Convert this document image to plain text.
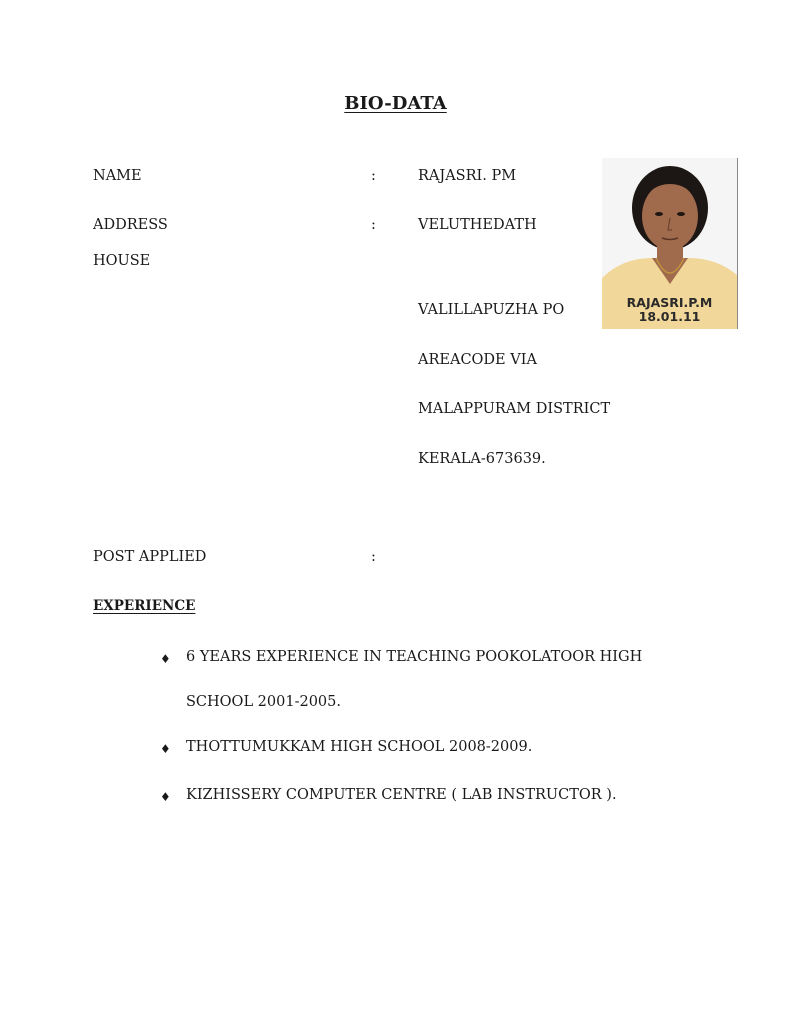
BIO-DATA
NAME	:	RAJASRI. PM
ADDRESS	:	VELUTHEDATH
HOUSE
VALILLAPUZHA PO
AREACODE VIA
MALAPPURAM DISTRICT
KERALA-673639.
POST APPLIED	:
EXPERIENCE
♦ 6 YEARS EXPERIENCE IN TEACHING POOKOLATOOR HIGH
SCHOOL 2001-2005.
♦ THOTTUMUKKAM HIGH SCHOOL 2008-2009.
♦ KIZHISSERY COMPUTER CENTRE ( LAB INSTRUCTOR ).
RAJASRI.P.M
18.01.11
